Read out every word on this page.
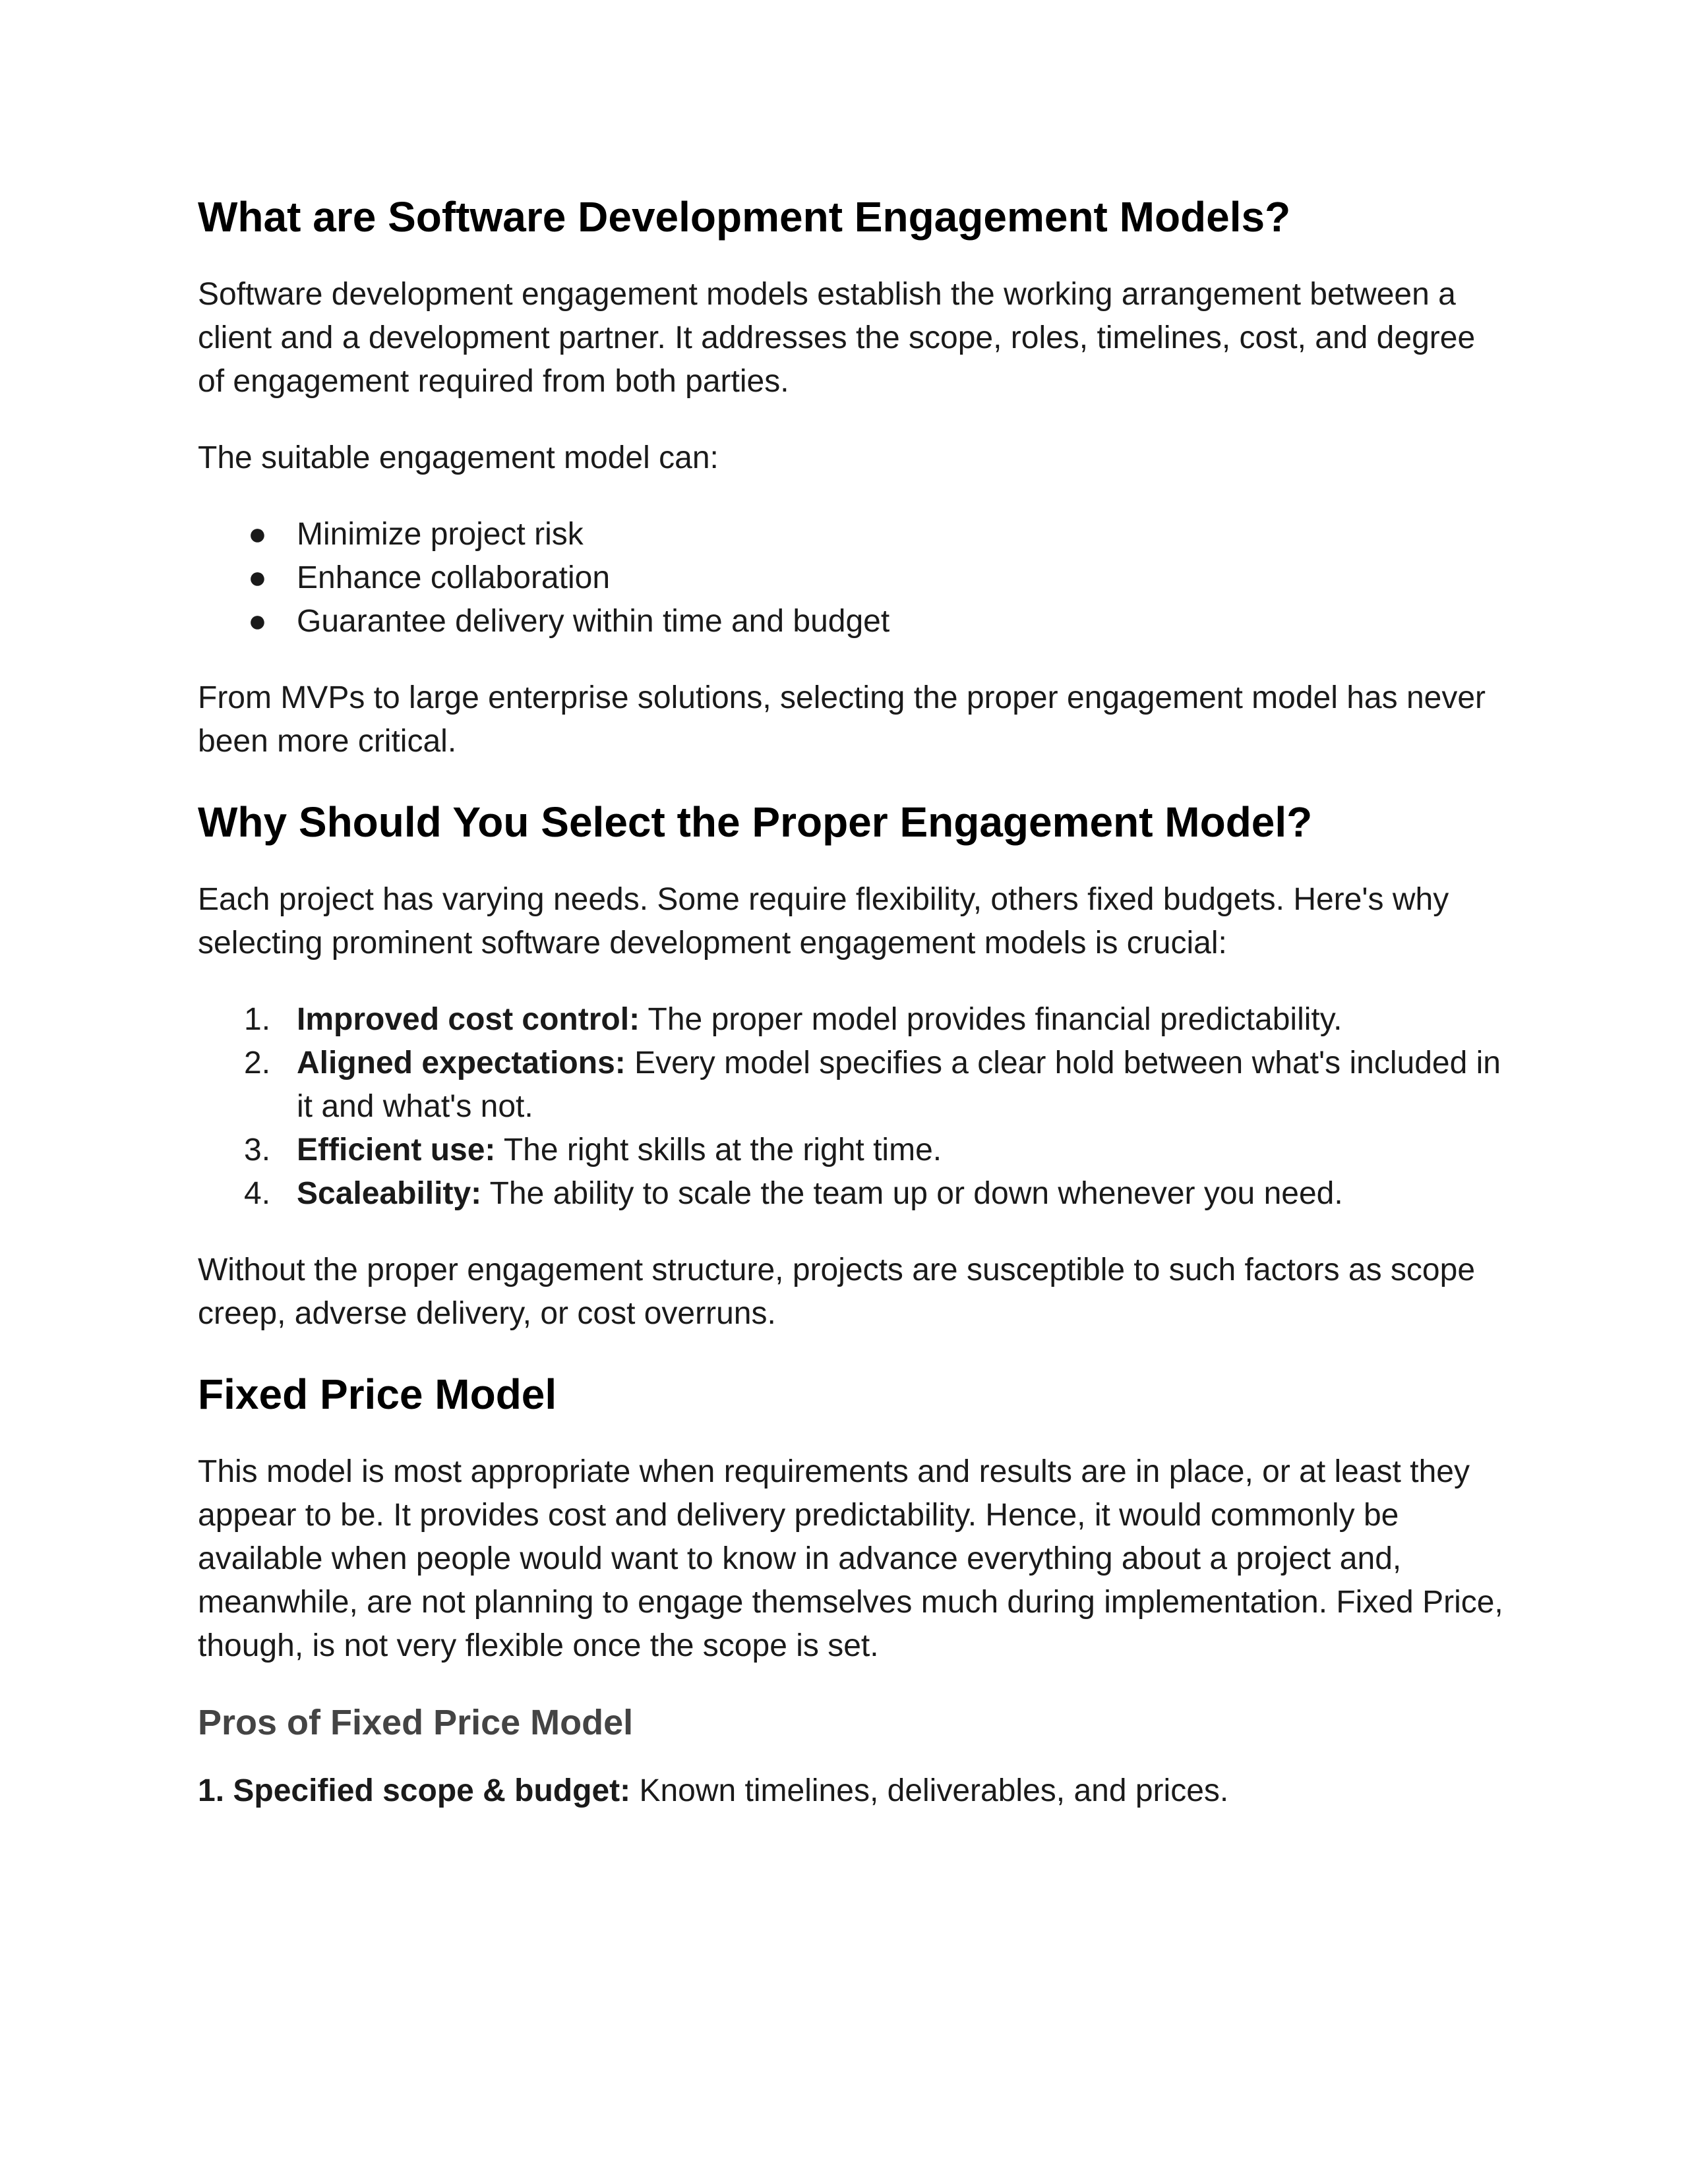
What are Software Development Engagement Models?

Software development engagement models establish the working arrangement between a client and a development partner. It addresses the scope, roles, timelines, cost, and degree of engagement required from both parties.

The suitable engagement model can:

● Minimize project risk
● Enhance collaboration
● Guarantee delivery within time and budget

From MVPs to large enterprise solutions, selecting the proper engagement model has never been more critical.

Why Should You Select the Proper Engagement Model?

Each project has varying needs. Some require flexibility, others fixed budgets. Here's why selecting prominent software development engagement models is crucial:

1. Improved cost control: The proper model provides financial predictability.
2. Aligned expectations: Every model specifies a clear hold between what's included in it and what's not.
3. Efficient use: The right skills at the right time.
4. Scaleability: The ability to scale the team up or down whenever you need.

Without the proper engagement structure, projects are susceptible to such factors as scope creep, adverse delivery, or cost overruns.

Fixed Price Model

This model is most appropriate when requirements and results are in place, or at least they appear to be. It provides cost and delivery predictability. Hence, it would commonly be available when people would want to know in advance everything about a project and, meanwhile, are not planning to engage themselves much during implementation. Fixed Price, though, is not very flexible once the scope is set.

Pros of Fixed Price Model

1. Specified scope & budget: Known timelines, deliverables, and prices.
